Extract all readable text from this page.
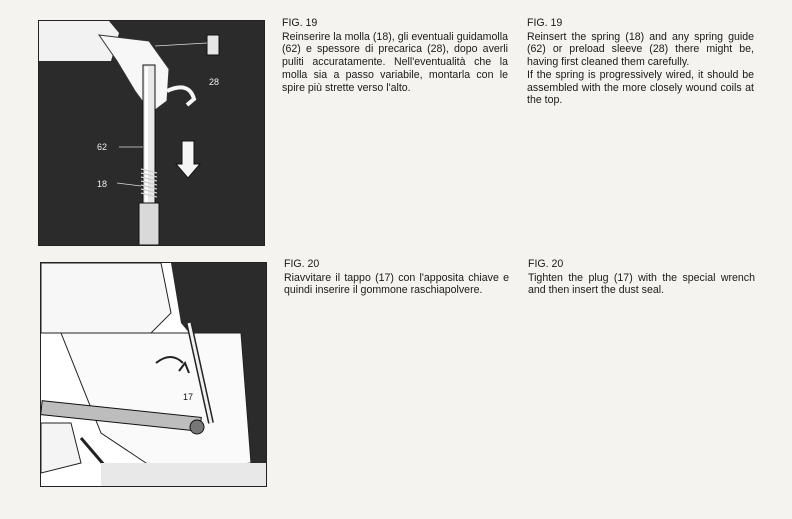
28
62
18
17
FIG. 19
Reinserire la molla (18), gli eventuali guidamolla (62) e spessore di precarica (28), dopo averli puliti accuratamente. Nell'eventualità che la molla sia a passo variabile, montarla con le spire più strette verso l'alto.
FIG. 19
Reinsert the spring (18) and any spring guide (62) or preload sleeve (28) there might be, having first cleaned them carefully.
If the spring is progressively wired, it should be assembled with the more closely wound coils at the top.
FIG. 20
Riavvitare il tappo (17) con l'apposita chiave e quindi inserire il gommone raschiapolvere.
FIG. 20
Tighten the plug (17) with the special wrench and then insert the dust seal.
